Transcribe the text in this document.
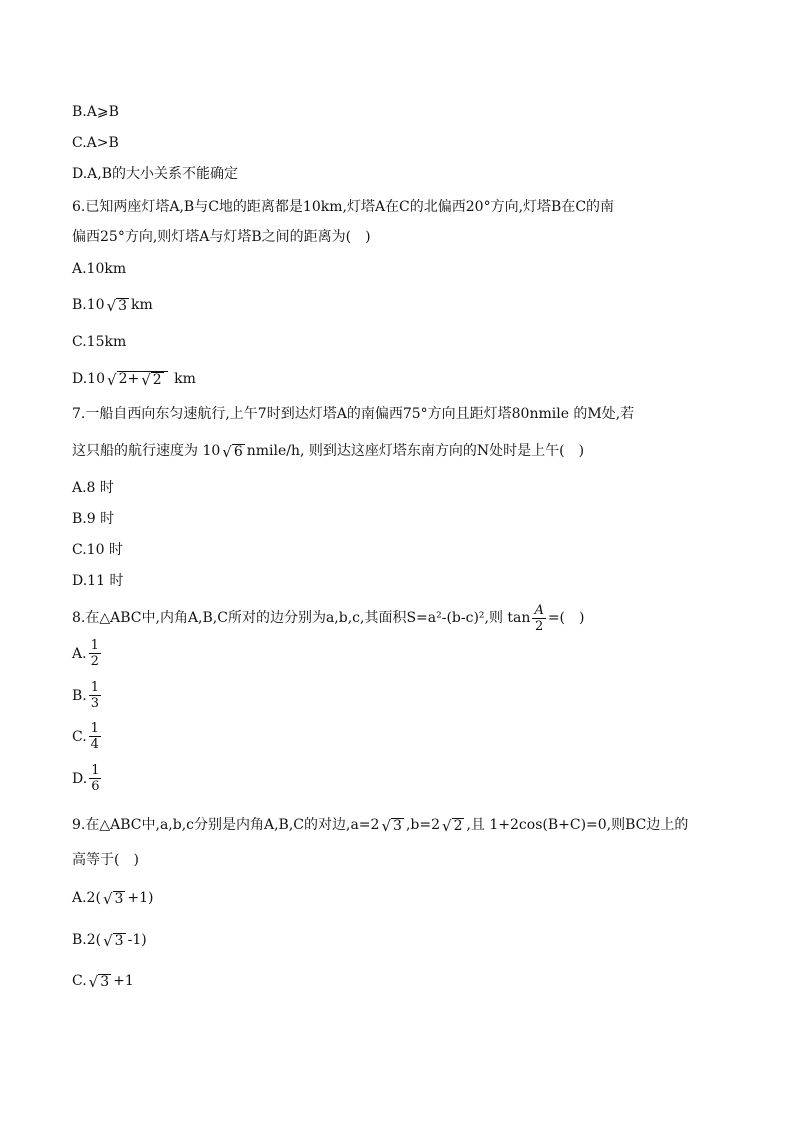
B.A⩾B
C.A>B
D.A,B的大小关系不能确定
6.已知两座灯塔A,B与C地的距离都是10km,灯塔A在C的北偏西20°方向,灯塔B在C的南
偏西25°方向,则灯塔A与灯塔B之间的距离为(　)
A.10km
B.10 √ 3 km
C.15km
D.10 √ 2+ √ 2 km
7.一船自西向东匀速航行,上午7时到达灯塔A的南偏西75°方向且距灯塔80nmile 的M处,若
这只船的航行速度为 10 √ 6 nmile/h, 则到达这座灯塔东南方向的N处时是上午(　)
A.8 时
B.9 时
C.10 时
D.11 时
8.在△ABC中,内角A,B,C所对的边分别为a,b,c,其面积S=a²-(b-c)²,则 $\tan \frac{A}{2}$ =(　)
A. $\frac{1}{2}$
B. $\frac{1}{3}$
C. $\frac{1}{4}$
D. $\frac{1}{6}$
9.在△ABC中,a,b,c分别是内角A,B,C的对边,a=2 √ 3 ,b=2 √ 2 ,且 1+2cos(B+C)=0,则BC边上的
高等于(　)
A.2( √ 3 +1)
B.2( √ 3 -1)
C. √ 3 +1
